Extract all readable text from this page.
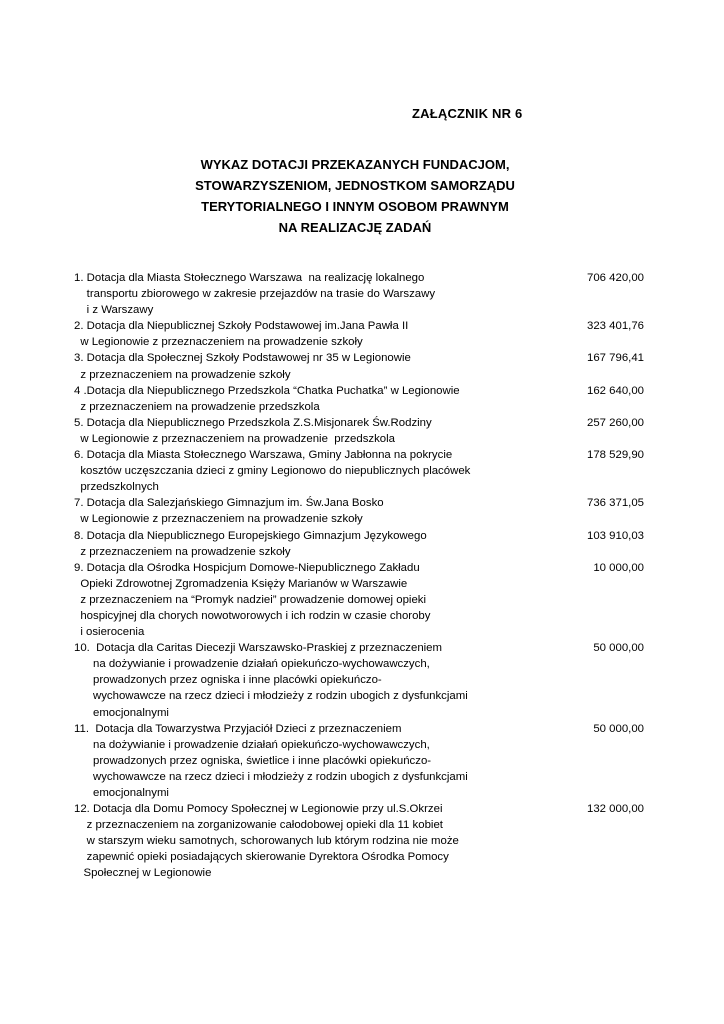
ZAŁĄCZNIK NR 6
WYKAZ DOTACJI PRZEKAZANYCH FUNDACJOM,
STOWARZYSZENIOM, JEDNOSTKOM SAMORZĄDU
TERYTORIALNEGO I INNYM OSOBOM PRAWNYM
NA REALIZACJĘ ZADAŃ
1. Dotacja dla Miasta Stołecznego Warszawa  na realizację lokalnego
transportu zbiorowego w zakresie przejazdów na trasie do Warszawy
i z Warszawy
706 420,00
2. Dotacja dla Niepublicznej Szkoły Podstawowej im.Jana Pawła II
w Legionowie z przeznaczeniem na prowadzenie szkoły
323 401,76
3. Dotacja dla Społecznej Szkoły Podstawowej nr 35 w Legionowie
z przeznaczeniem na prowadzenie szkoły
167 796,41
4 .Dotacja dla Niepublicznego Przedszkola “Chatka Puchatka” w Legionowie
z przeznaczeniem na prowadzenie przedszkola
162 640,00
5. Dotacja dla Niepublicznego Przedszkola Z.S.Misjonarek Św.Rodziny
w Legionowie z przeznaczeniem na prowadzenie  przedszkola
257 260,00
6. Dotacja dla Miasta Stołecznego Warszawa, Gminy Jabłonna na pokrycie
kosztów uczęszczania dzieci z gminy Legionowo do niepublicznych placówek
przedszkolnych
178 529,90
7. Dotacja dla Salezjańskiego Gimnazjum im. Św.Jana Bosko
w Legionowie z przeznaczeniem na prowadzenie szkoły
736 371,05
8. Dotacja dla Niepublicznego Europejskiego Gimnazjum Językowego
z przeznaczeniem na prowadzenie szkoły
103 910,03
9. Dotacja dla Ośrodka Hospicjum Domowe-Niepublicznego Zakładu
Opieki Zdrowotnej Zgromadzenia Księży Marianów w Warszawie
z przeznaczeniem na “Promyk nadziei” prowadzenie domowej opieki
hospicyjnej dla chorych nowotworowych i ich rodzin w czasie choroby
i osierocenia
10 000,00
10.  Dotacja dla Caritas Diecezji Warszawsko-Praskiej z przeznaczeniem
na dożywianie i prowadzenie działań opiekuńczo-wychowawczych,
prowadzonych przez ogniska i inne placówki opiekuńczo-
wychowawcze na rzecz dzieci i młodzieży z rodzin ubogich z dysfunkcjami
emocjonalnymi
50 000,00
11.  Dotacja dla Towarzystwa Przyjaciół Dzieci z przeznaczeniem
na dożywianie i prowadzenie działań opiekuńczo-wychowawczych,
prowadzonych przez ogniska, świetlice i inne placówki opiekuńczo-
wychowawcze na rzecz dzieci i młodzieży z rodzin ubogich z dysfunkcjami
emocjonalnymi
50 000,00
12. Dotacja dla Domu Pomocy Społecznej w Legionowie przy ul.S.Okrzei
z przeznaczeniem na zorganizowanie całodobowej opieki dla 11 kobiet
w starszym wieku samotnych, schorowanych lub którym rodzina nie może
zapewnić opieki posiadających skierowanie Dyrektora Ośrodka Pomocy
Społecznej w Legionowie
132 000,00
